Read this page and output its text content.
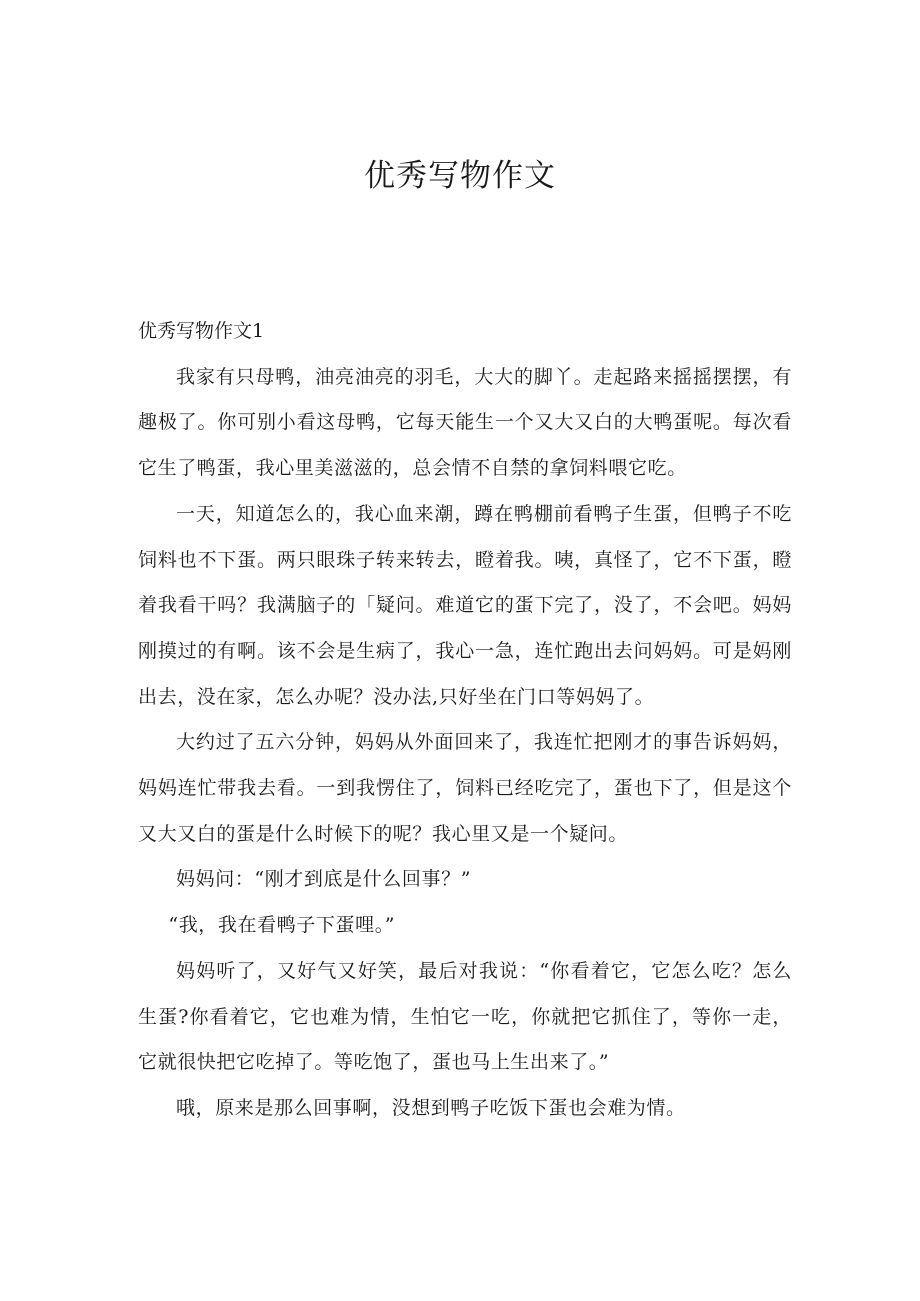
优秀写物作文
优秀写物作文1

我家有只母鸭，油亮油亮的羽毛，大大的脚丫。走起路来摇摇摆摆，有趣极了。你可别小看这母鸭，它每天能生一个又大又白的大鸭蛋呢。每次看它生了鸭蛋，我心里美滋滋的，总会情不自禁的拿饲料喂它吃。

一天，知道怎么的，我心血来潮，蹲在鸭棚前看鸭子生蛋，但鸭子不吃饲料也不下蛋。两只眼珠子转来转去，瞪着我。咦，真怪了，它不下蛋，瞪着我看干吗？我满脑子的「疑问。难道它的蛋下完了，没了，不会吧。妈妈刚摸过的有啊。该不会是生病了，我心一急，连忙跑出去问妈妈。可是妈刚出去，没在家，怎么办呢？没办法,只好坐在门口等妈妈了。

大约过了五六分钟，妈妈从外面回来了，我连忙把刚才的事告诉妈妈，妈妈连忙带我去看。一到我愣住了，饲料已经吃完了，蛋也下了，但是这个又大又白的蛋是什么时候下的呢？我心里又是一个疑问。

妈妈问：“刚才到底是什么回事？”

“我，我在看鸭子下蛋哩。”

妈妈听了，又好气又好笑，最后对我说：“你看着它，它怎么吃？怎么生蛋?你看着它，它也难为情，生怕它一吃，你就把它抓住了，等你一走，它就很快把它吃掉了。等吃饱了，蛋也马上生出来了。”

哦，原来是那么回事啊，没想到鸭子吃饭下蛋也会难为情。
